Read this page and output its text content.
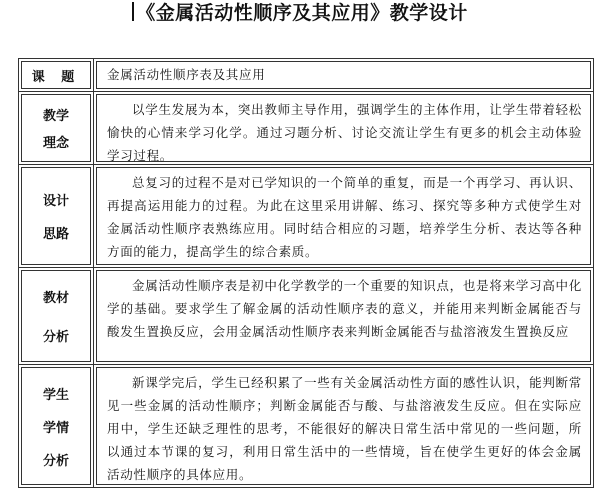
《金属活动性顺序及其应用》教学设计
课 题	金属活动性顺序表及其应用

教学
理念	以学生发展为本，突出教师主导作用，强调学生的主体作用，让学生带着轻松愉快的心情来学习化学。通过习题分析、讨论交流让学生有更多的机会主动体验学习过程。

设计
思路	总复习的过程不是对已学知识的一个简单的重复，而是一个再学习、再认识、再提高运用能力的过程。为此在这里采用讲解、练习、探究等多种方式使学生对金属活动性顺序表熟练应用。同时结合相应的习题，培养学生分析、表达等各种方面的能力，提高学生的综合素质。

教材
分析	金属活动性顺序表是初中化学教学的一个重要的知识点，也是将来学习高中化学的基础。要求学生了解金属的活动性顺序表的意义，并能用来判断金属能否与酸发生置换反应，会用金属活动性顺序表来判断金属能否与盐溶液发生置换反应

学生
学情
分析	新课学完后，学生已经积累了一些有关金属活动性方面的感性认识，能判断常见一些金属的活动性顺序；判断金属能否与酸、与盐溶液发生反应。但在实际应用中，学生还缺乏理性的思考，不能很好的解决日常生活中常见的一些问题，所以通过本节课的复习，利用日常生活中的一些情境，旨在使学生更好的体会金属活动性顺序的具体应用。
